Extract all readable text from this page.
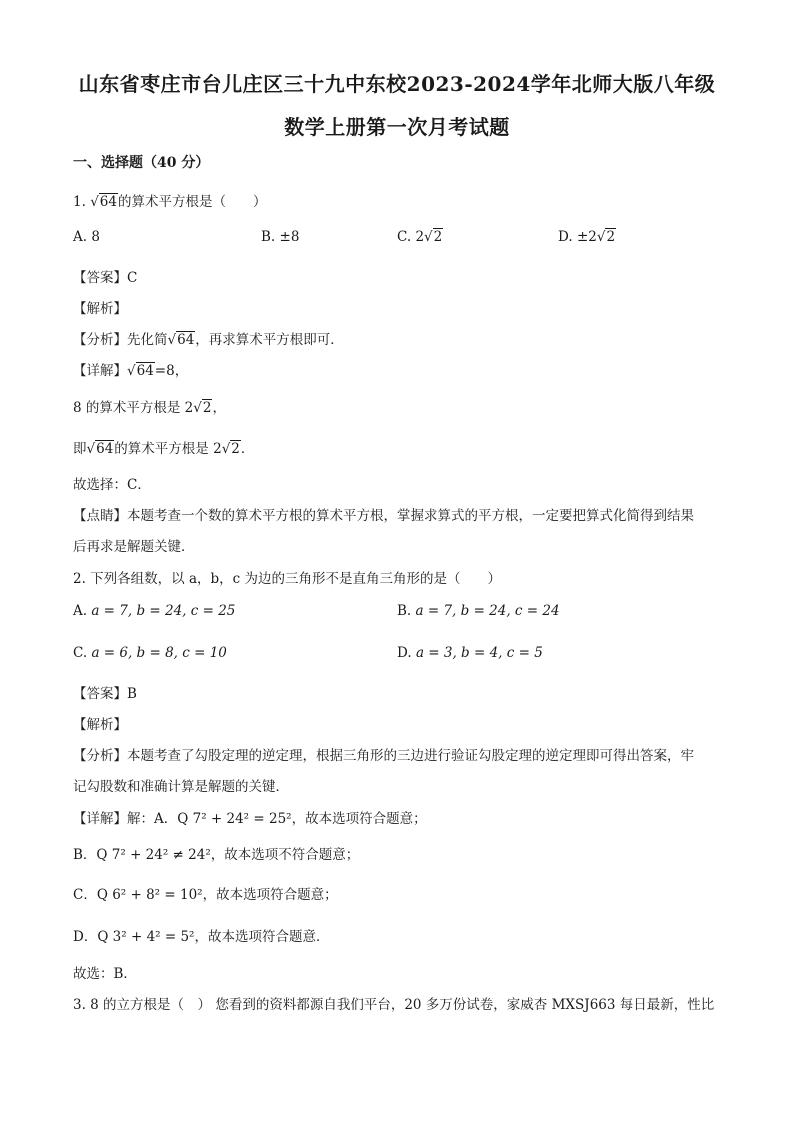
山东省枣庄市台儿庄区三十九中东校2023-2024学年北师大版八年级
数学上册第一次月考试题
一、选择题（40 分）
1. √64的算术平方根是（　　）
A. 8	B. ±8	C. 2√2	D. ±2√2
【答案】C
【解析】
【分析】先化简√64，再求算术平方根即可．
【详解】√64=8，
8 的算术平方根是 2√2，
即√64的算术平方根是 2√2．
故选择：C．
【点睛】本题考查一个数的算术平方根的算术平方根，掌握求算式的平方根，一定要把算式化简得到结果
后再求是解题关键．
2. 下列各组数，以 a，b，c 为边的三角形不是直角三角形的是（　　）
A. a = 7, b = 24, c = 25	B. a = 7, b = 24, c = 24
C. a = 6, b = 8, c = 10	D. a = 3, b = 4, c = 5
【答案】B
【解析】
【分析】本题考查了勾股定理的逆定理，根据三角形的三边进行验证勾股定理的逆定理即可得出答案，牢
记勾股数和准确计算是解题的关键．
【详解】解：A．Q 7² + 24² = 25²，故本选项符合题意；
B．Q 7² + 24² ≠ 24²，故本选项不符合题意；
C．Q 6² + 8² = 10²，故本选项符合题意；
D．Q 3² + 4² = 5²，故本选项符合题意．
故选：B．
3. 8 的立方根是（　） 您看到的资料都源自我们平台，20 多万份试卷，家威杏 MXSJ663 每日最新，性比
